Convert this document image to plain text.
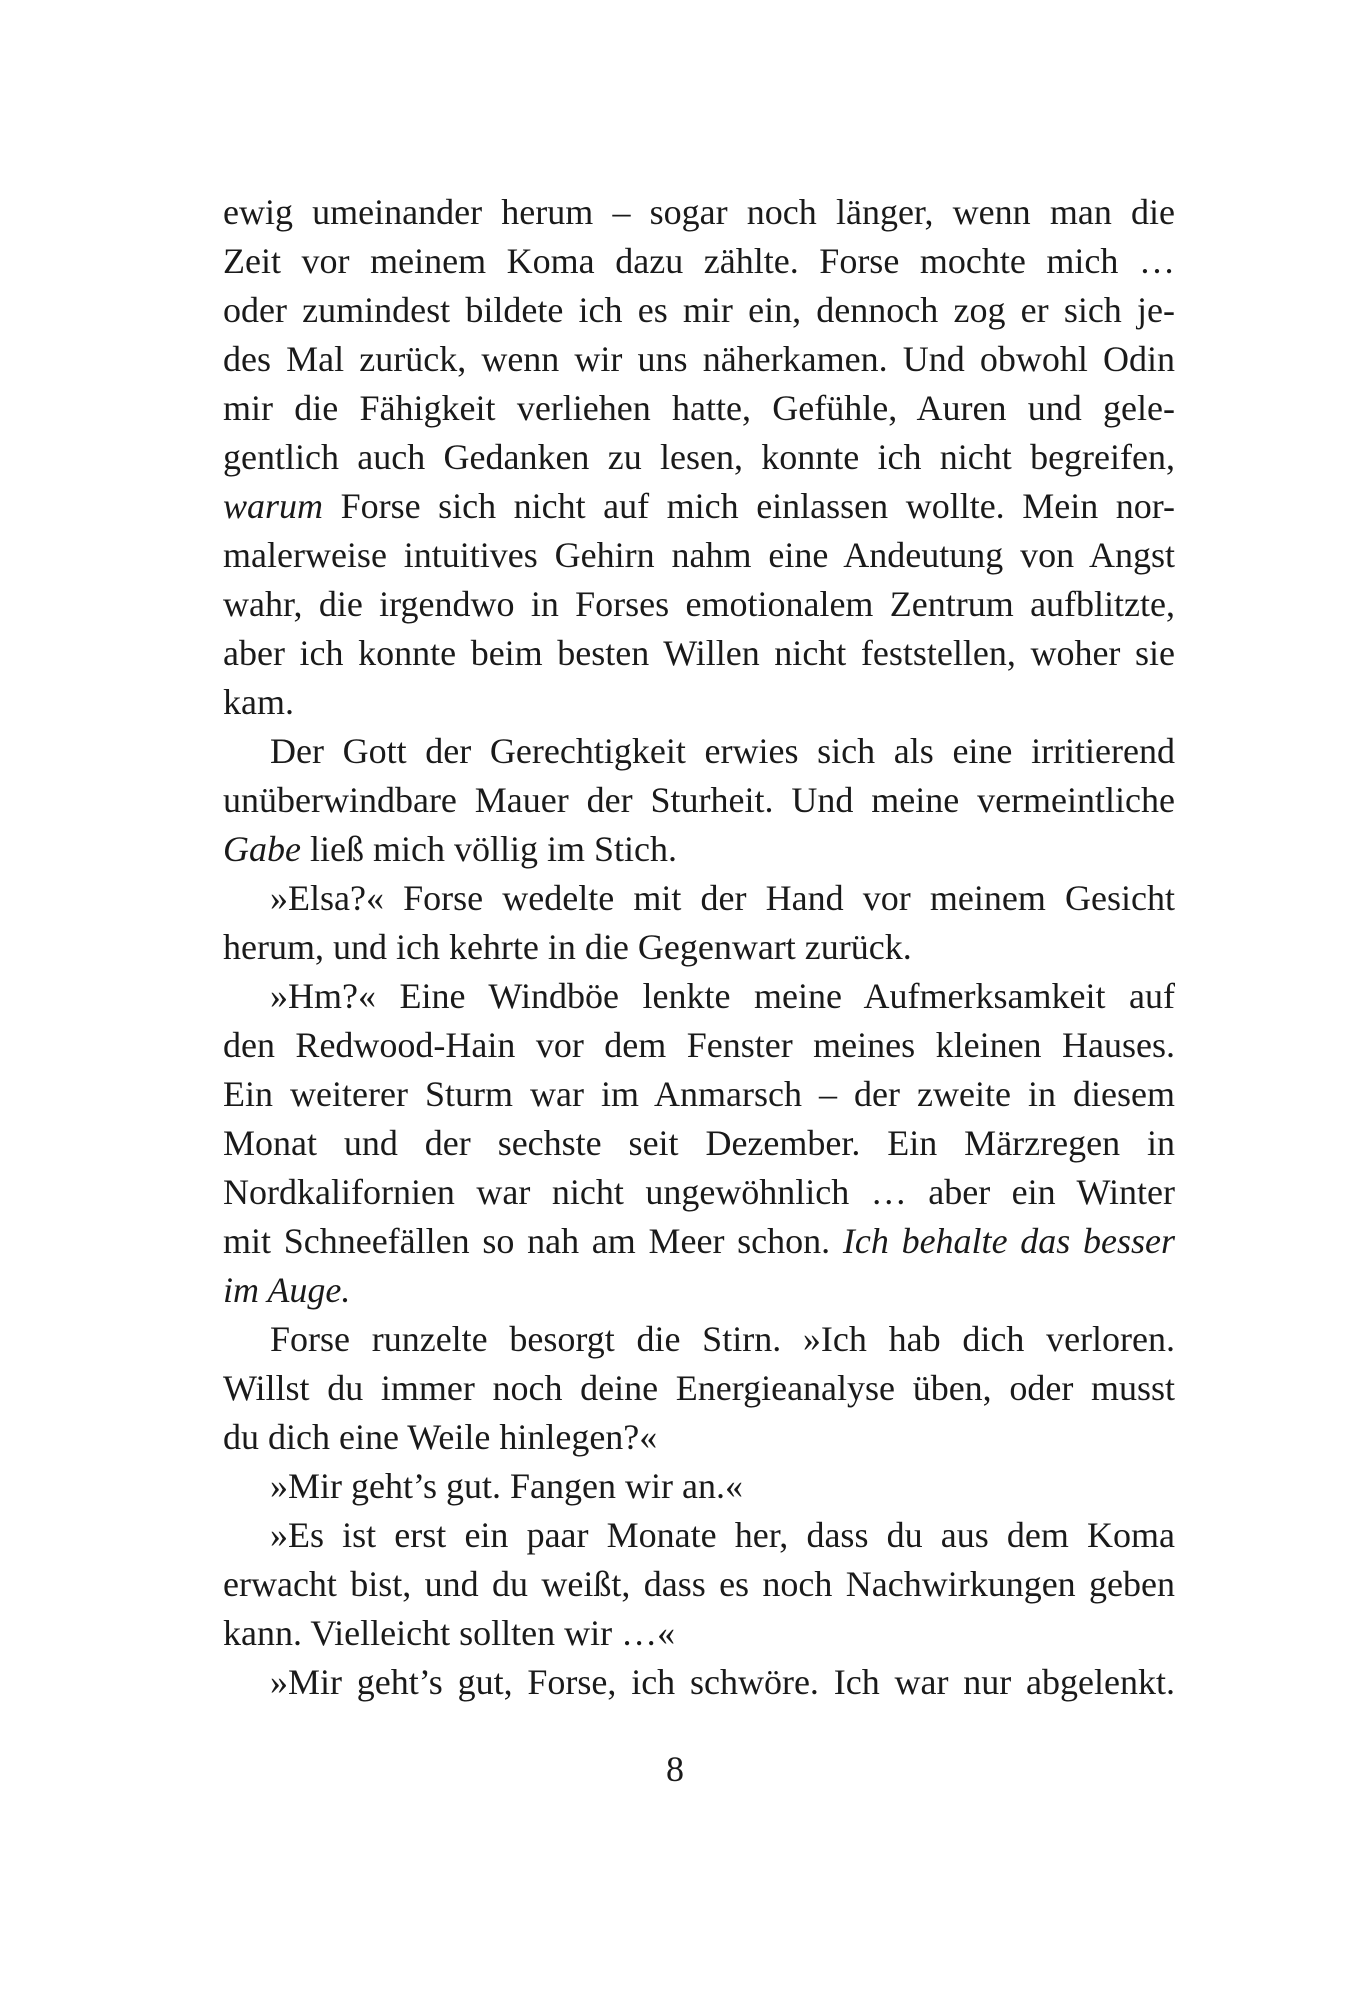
ewig umeinander herum – sogar noch länger, wenn man die
Zeit vor meinem Koma dazu zählte. Forse mochte mich …
oder zumindest bildete ich es mir ein, dennoch zog er sich je-
des Mal zurück, wenn wir uns näherkamen. Und obwohl Odin
mir die Fähigkeit verliehen hatte, Gefühle, Auren und gele-
gentlich auch Gedanken zu lesen, konnte ich nicht begreifen,
warum Forse sich nicht auf mich einlassen wollte. Mein nor-
malerweise intuitives Gehirn nahm eine Andeutung von Angst
wahr, die irgendwo in Forses emotionalem Zentrum aufblitzte,
aber ich konnte beim besten Willen nicht feststellen, woher sie
kam.
Der Gott der Gerechtigkeit erwies sich als eine irritierend
unüberwindbare Mauer der Sturheit. Und meine vermeintliche
Gabe ließ mich völlig im Stich.
»Elsa?« Forse wedelte mit der Hand vor meinem Gesicht
herum, und ich kehrte in die Gegenwart zurück.
»Hm?« Eine Windböe lenkte meine Aufmerksamkeit auf
den Redwood-Hain vor dem Fenster meines kleinen Hauses.
Ein weiterer Sturm war im Anmarsch – der zweite in diesem
Monat und der sechste seit Dezember. Ein Märzregen in
Nordkalifornien war nicht ungewöhnlich … aber ein Winter
mit Schneefällen so nah am Meer schon. Ich behalte das besser
im Auge.
Forse runzelte besorgt die Stirn. »Ich hab dich verloren.
Willst du immer noch deine Energieanalyse üben, oder musst
du dich eine Weile hinlegen?«
»Mir geht’s gut. Fangen wir an.«
»Es ist erst ein paar Monate her, dass du aus dem Koma
erwacht bist, und du weißt, dass es noch Nachwirkungen geben
kann. Vielleicht sollten wir …«
»Mir geht’s gut, Forse, ich schwöre. Ich war nur abgelenkt.
8
